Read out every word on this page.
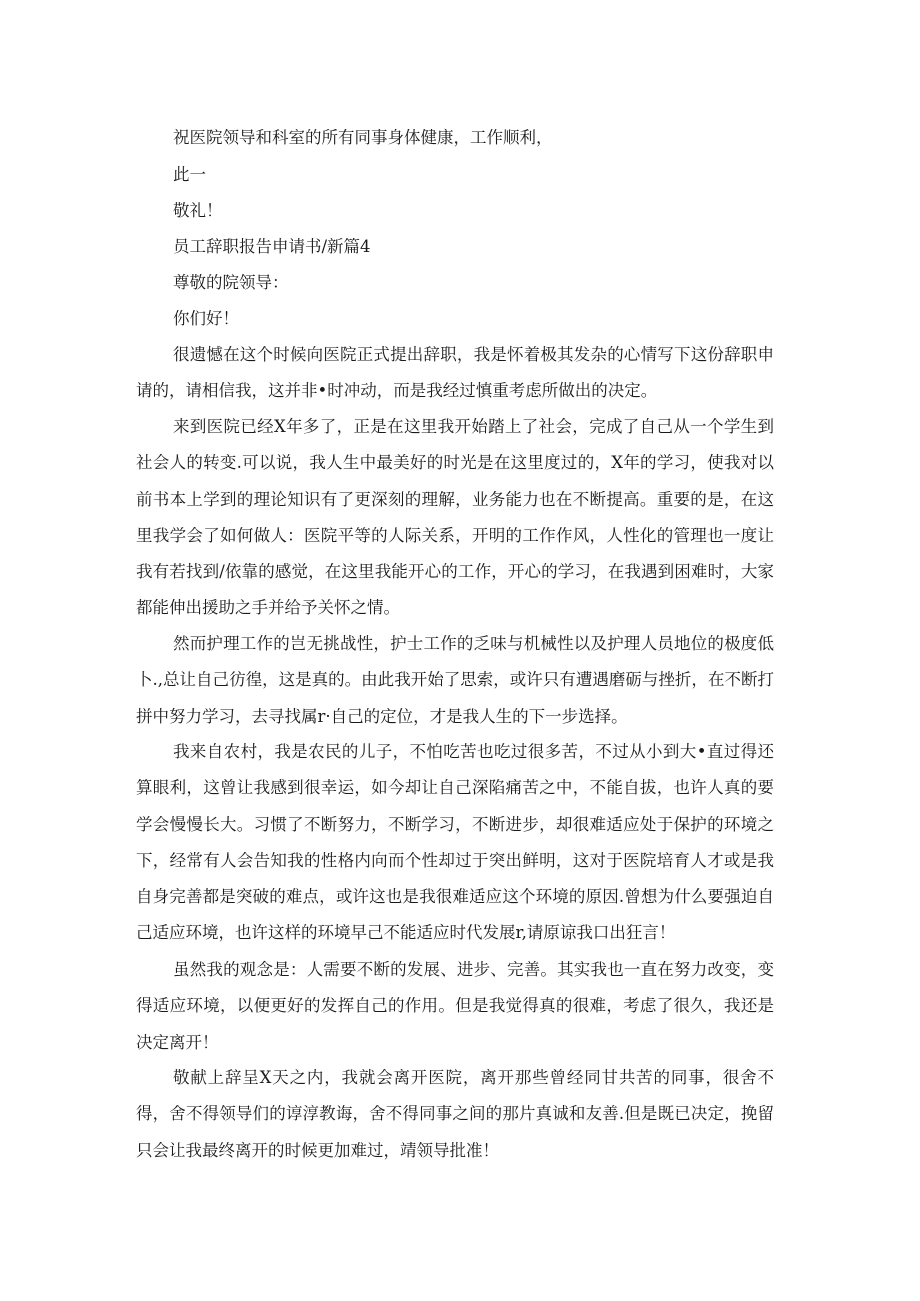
祝医院领导和科室的所有同事身体健康，工作顺利，
此一
敬礼！
员工辞职报告申请书/新篇4
尊敬的院领导：
你们好！

很遗憾在这个时候向医院正式提出辞职，我是怀着极其发杂的心情写下这份辞职申请的，请相信我，这并非•时冲动，而是我经过慎重考虑所做出的决定。

来到医院已经X年多了，正是在这里我开始踏上了社会，完成了自己从一个学生到社会人的转变.可以说，我人生中最美好的时光是在这里度过的，X年的学习，使我对以前书本上学到的理论知识有了更深刻的理解，业务能力也在不断提高。重要的是，在这里我学会了如何做人：医院平等的人际关系，开明的工作作风，人性化的管理也一度让我有若找到/依靠的感觉，在这里我能开心的工作，开心的学习，在我遇到困难时，大家都能伸出援助之手并给予关怀之情。

然而护理工作的岂无挑战性，护士工作的乏味与机械性以及护理人员地位的极度低卜.,总让自己彷徨，这是真的。由此我开始了思索，或许只有遭遇磨砺与挫折，在不断打拼中努力学习，去寻找属r·自己的定位，才是我人生的下一步选择。

我来自农村，我是农民的儿子，不怕吃苦也吃过很多苦，不过从小到大•直过得还算眼利，这曾让我感到很幸运，如今却让自己深陷痛苦之中，不能自拔，也许人真的要学会慢慢长大。习惯了不断努力，不断学习，不断进步，却很难适应处于保护的环境之下，经常有人会告知我的性格内向而个性却过于突出鲜明，这对于医院培育人才或是我自身完善都是突破的难点，或许这也是我很难适应这个环境的原因.曾想为什么要强迫自己适应环境，也许这样的环境早己不能适应时代发展r,请原谅我口出狂言！

虽然我的观念是：人需要不断的发展、进步、完善。其实我也一直在努力改变，变得适应环境，以便更好的发挥自己的作用。但是我觉得真的很难，考虑了很久，我还是决定离开！

敬献上辞呈X天之内，我就会离开医院，离开那些曾经同甘共苦的同事，很舍不得，舍不得领导们的谆淳教诲，舍不得同事之间的那片真诚和友善.但是既已决定，挽留只会让我最终离开的时候更加难过，靖领导批准！
